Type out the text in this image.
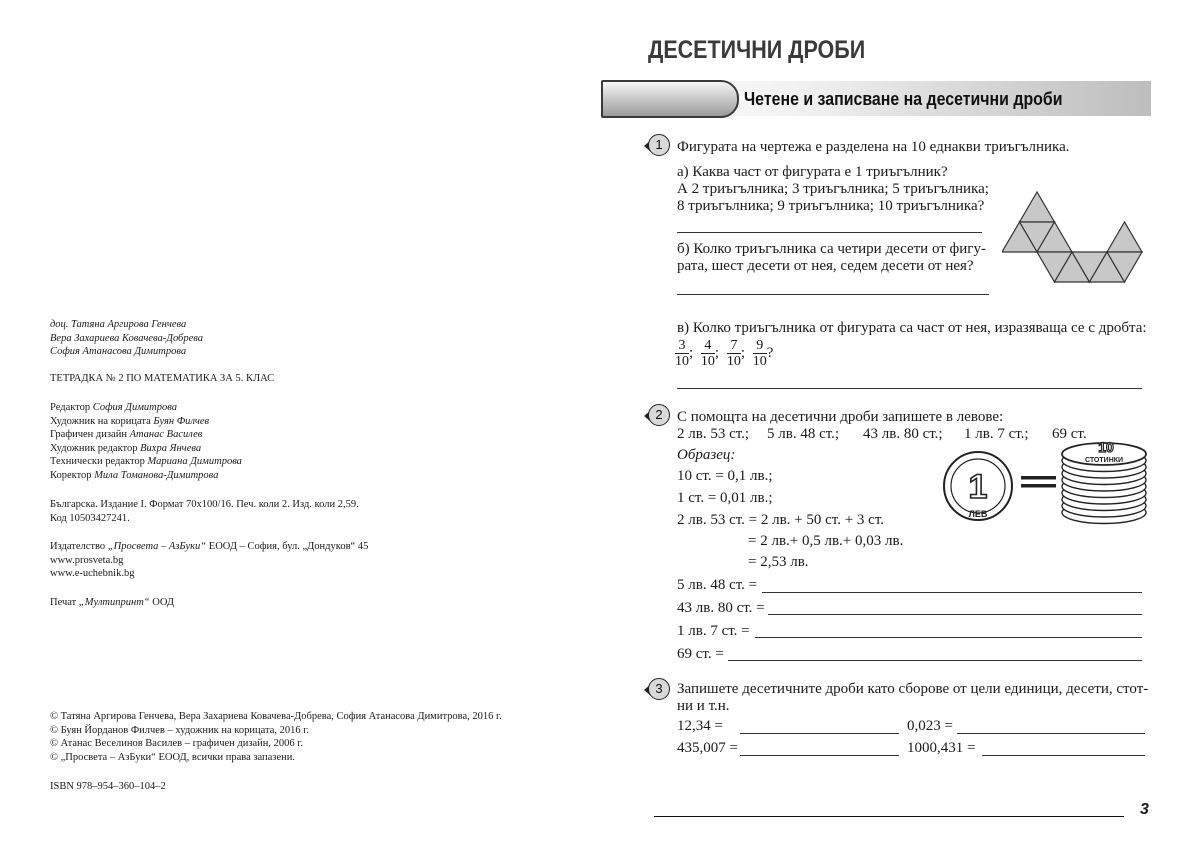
доц. Татяна Аргирова Генчева

Вера Захариева Ковачева-Добрева

София Атанасова Димитрова

ТЕТРАДКА № 2 ПО МАТЕМАТИКА ЗА 5. КЛАС

Редактор София Димитрова

Художник на корицата Буян Филчев

Графичен дизайн Атанас Василев

Художник редактор Вихра Янчева

Технически редактор Мариана Димитрова

Коректор Мила Томанова-Димитрова

Българска. Издание I. Формат 70x100/16. Печ. коли 2. Изд. коли 2,59.

Код 10503427241.

Издателство „Просвета – АзБуки“ ЕООД – София, бул. „Дондуков“ 45

www.prosveta.bg

www.e-uchebnik.bg

Печат „Мултипринт“ ООД

© Татяна Аргирова Генчева, Вера Захариева Ковачева-Добрева, София Атанасова Димитрова, 2016 г.

© Буян Йорданов Филчев – художник на корицата, 2016 г.

© Атанас Веселинов Василев – графичен дизайн, 2006 г.

© „Просвета – АзБуки“ ЕООД, всички права запазени.

ISBN 978–954–360–104–2

ДЕСЕТИЧНИ ДРОБИ
Четене и записване на десетични дроби
1 Фигурата на чертежа е разделена на 10 еднакви триъгълника.

а) Каква част от фигурата е 1 триъгълник?

А 2 триъгълника; 3 триъгълника; 5 триъгълника;

8 триъгълника; 9 триъгълника; 10 триъгълника?

б) Колко триъгълника са четири десети от фигу-

рата, шест десети от нея, седем десети от нея?

в) Колко триъгълника от фигурата са част от нея, изразяваща се с дробта:

$\frac{3}{10}$ ; $\frac{4}{10}$ ; $\frac{7}{10}$ ; $\frac{9}{10}$ ?
2 С помощта на десетични дроби запишете в левове:

2 лв. 53 ст.; 5 лв. 48 ст.; 43 лв. 80 ст.; 1 лв. 7 ст.; 69 ст.

Образец:

10 ст. = 0,1 лв.;

1 ст. = 0,01 лв.;

2 лв. 53 ст. = 2 лв. + 50 ст. + 3 ст.

= 2 лв.+ 0,5 лв.+ 0,03 лв.

= 2,53 лв.

1
ЛЕВ
10
СТОТИНКИ

5 лв. 48 ст. =

43 лв. 80 ст. =

1 лв. 7 ст. =

69 ст. =

3 Запишете десетичните дроби като сборове от цели единици, десети, стот-

ни и т.н.

12,34 =	0,023 =

435,007 =	1000,431 =

3
